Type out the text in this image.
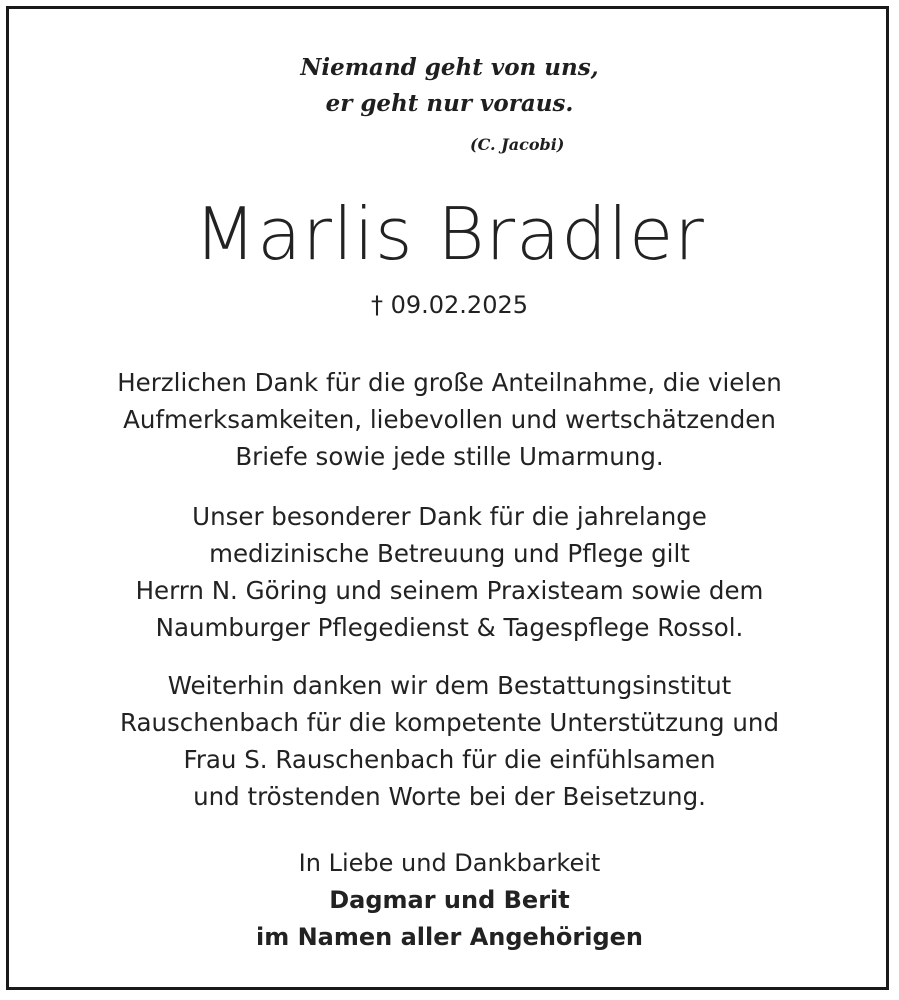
Niemand geht von uns,
er geht nur voraus.
(C. Jacobi)
Marlis Bradler
† 09.02.2025
Herzlichen Dank für die große Anteilnahme, die vielen
Aufmerksamkeiten, liebevollen und wertschätzenden
Briefe sowie jede stille Umarmung.
Unser besonderer Dank für die jahrelange
medizinische Betreuung und Pflege gilt
Herrn N. Göring und seinem Praxisteam sowie dem
Naumburger Pflegedienst & Tagespflege Rossol.
Weiterhin danken wir dem Bestattungsinstitut
Rauschenbach für die kompetente Unterstützung und
Frau S. Rauschenbach für die einfühlsamen
und tröstenden Worte bei der Beisetzung.
In Liebe und Dankbarkeit
Dagmar und Berit
im Namen aller Angehörigen
